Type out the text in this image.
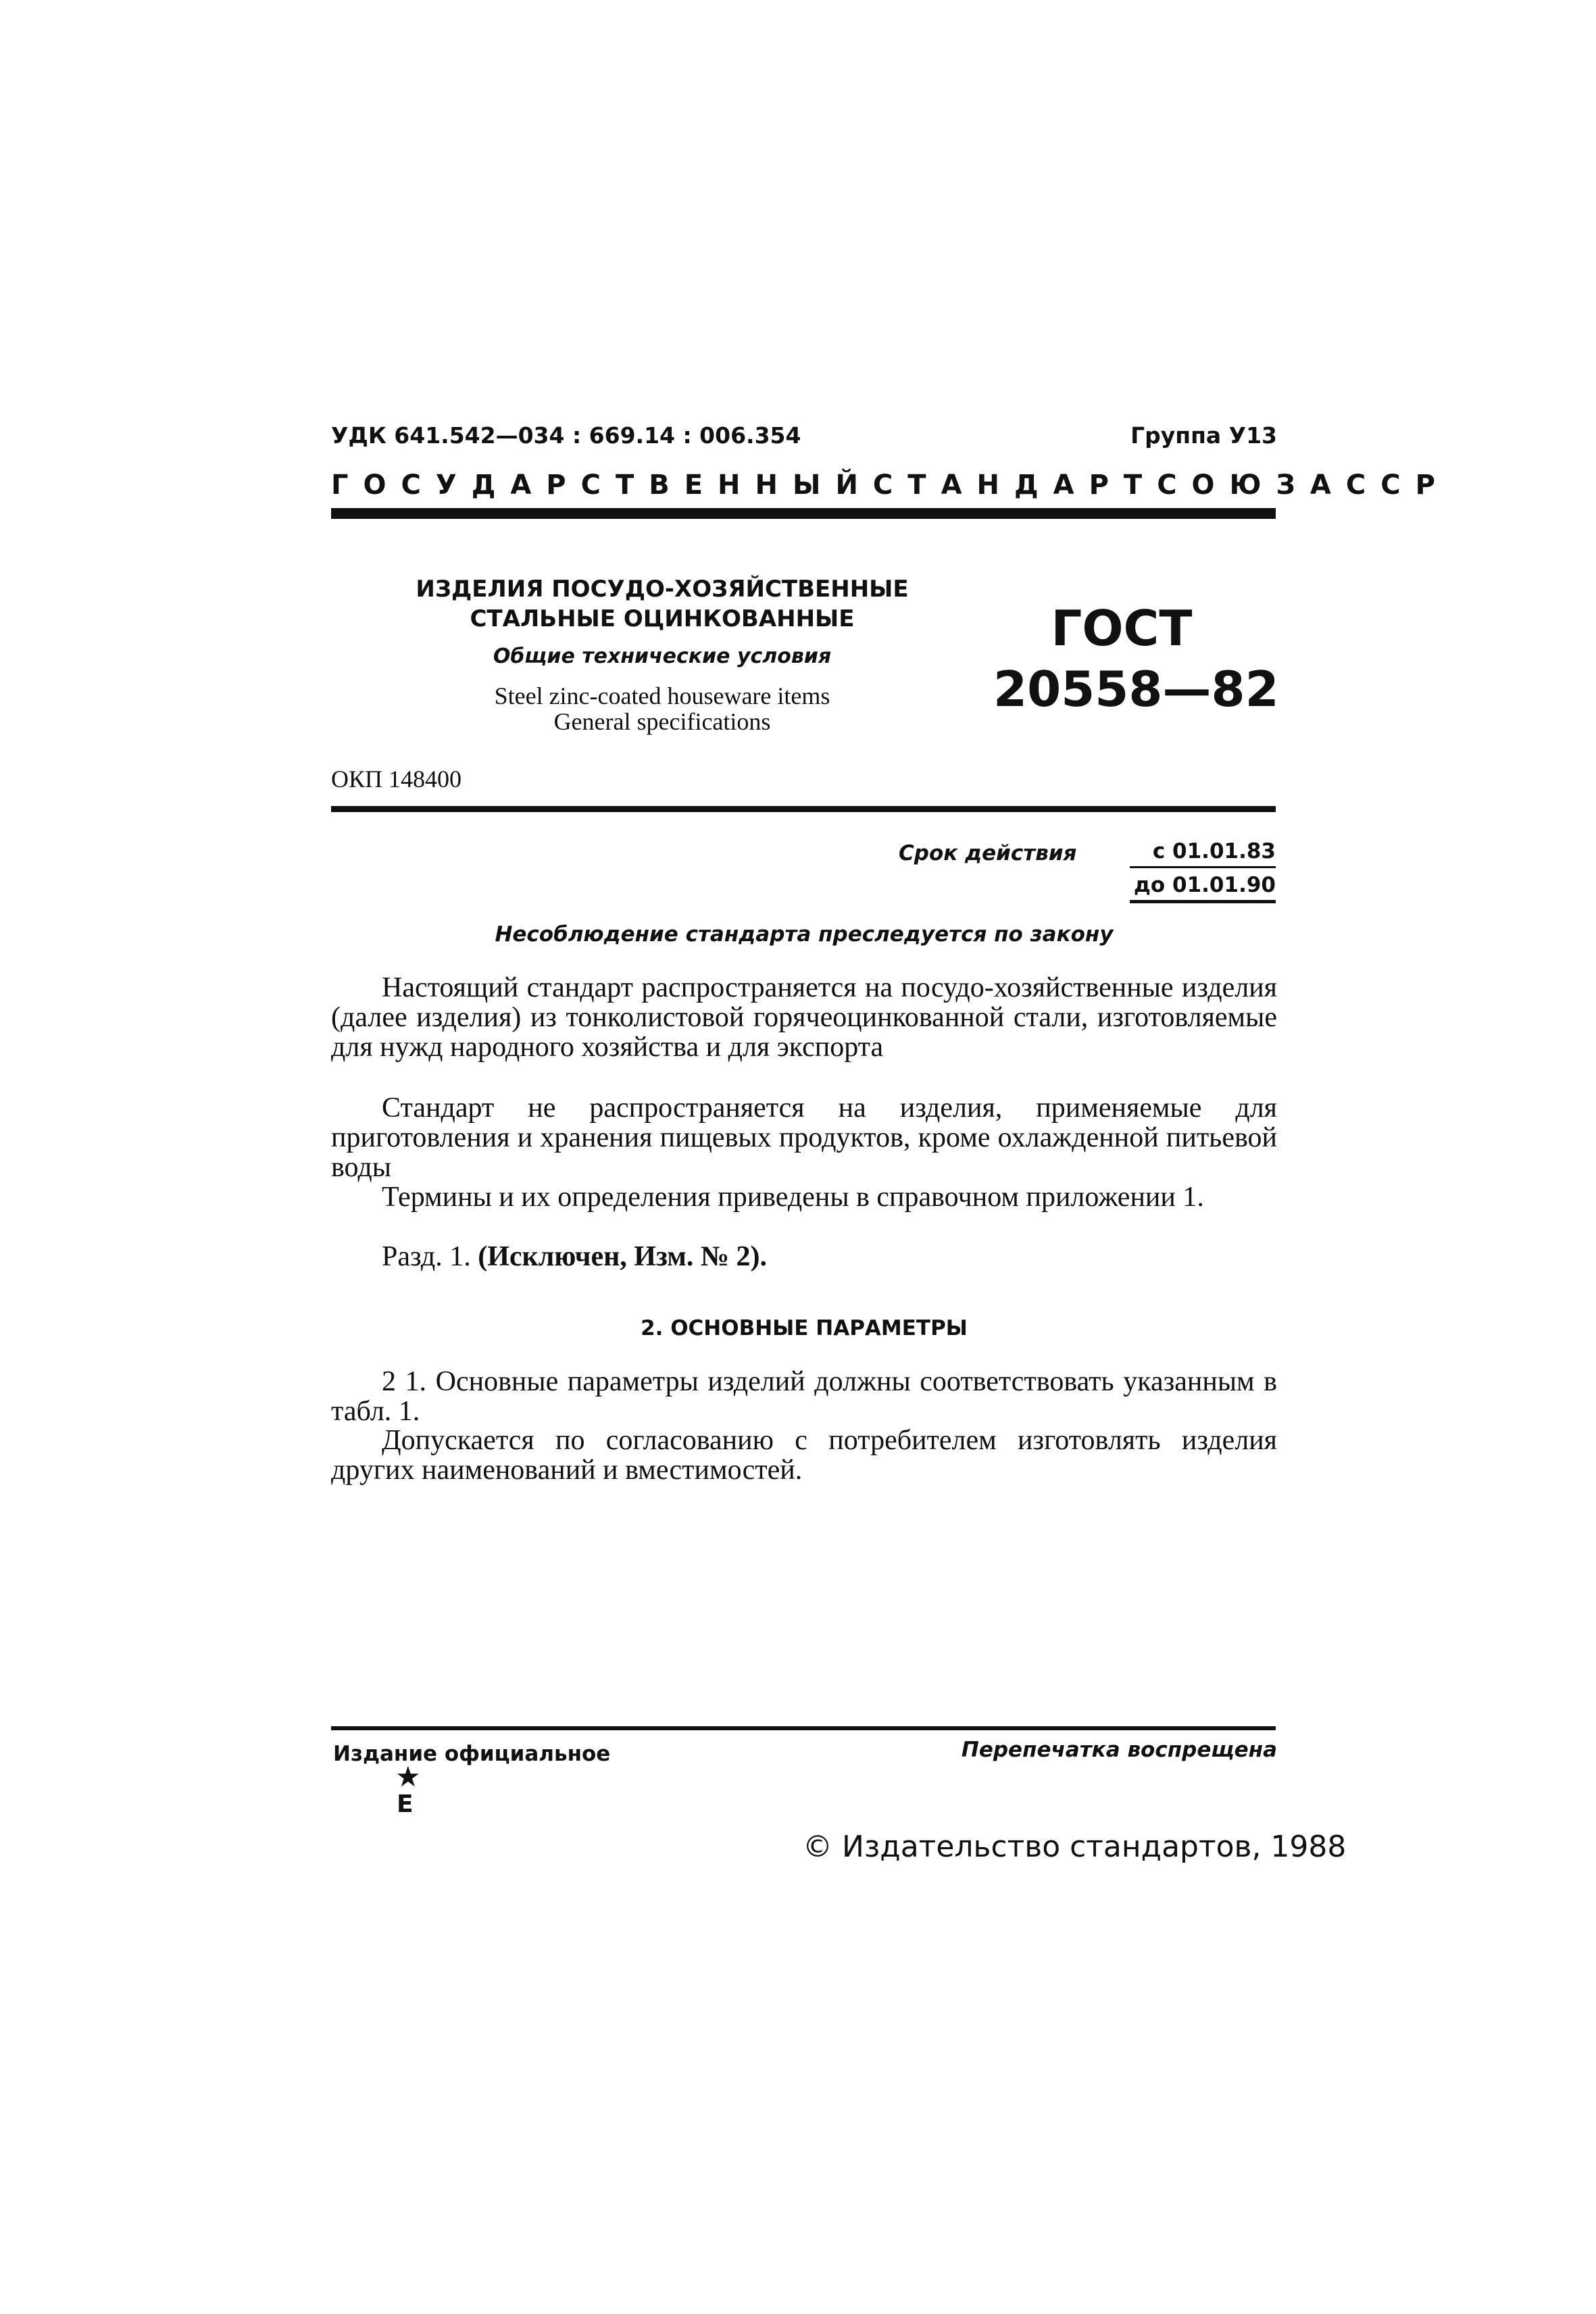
УДК 641.542—034 : 669.14 : 006.354	Группа У13
ГОСУДАРСТВЕННЫЙ СТАНДАРТ СОЮЗА ССР
ИЗДЕЛИЯ ПОСУДО-ХОЗЯЙСТВЕННЫЕ
СТАЛЬНЫЕ ОЦИНКОВАННЫЕ
Общие технические условия
Steel zinc-coated houseware items
General specifications
ГОСТ
20558—82
ОКП 148400
Срок действия	с 01.01.83
до 01.01.90
Несоблюдение стандарта преследуется по закону
Настоящий стандарт распространяется на посудо-хозяйственные изделия (далее изделия) из тонколистовой горячеоцинкованной стали, изготовляемые для нужд народного хозяйства и для экспорта
Стандарт не распространяется на изделия, применяемые для приготовления и хранения пищевых продуктов, кроме охлажденной питьевой воды
Термины и их определения приведены в справочном приложении 1.
Разд. 1. (Исключен, Изм. № 2).
2. ОСНОВНЫЕ ПАРАМЕТРЫ
2 1. Основные параметры изделий должны соответствовать указанным в табл. 1.
Допускается по согласованию с потребителем изготовлять изделия других наименований и вместимостей.
Издание официальное	Перепечатка воспрещена
★
Е
© Издательство стандартов, 1988
